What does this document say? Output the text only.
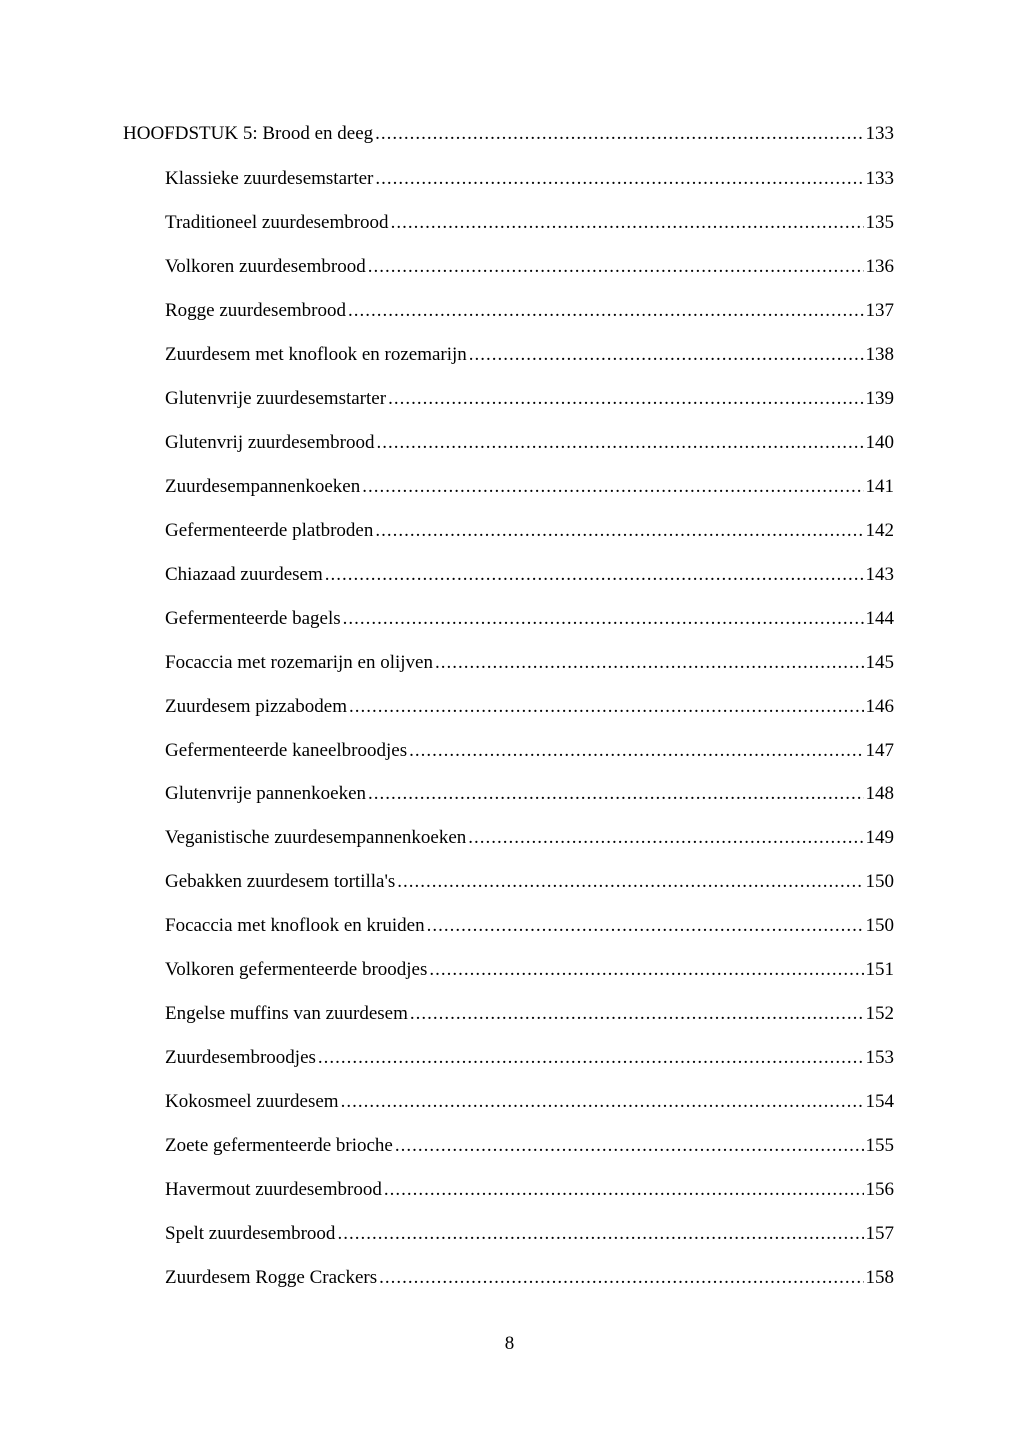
HOOFDSTUK 5: Brood en deeg .....	133
Klassieke zuurdesemstarter .....	133
Traditioneel zuurdesembrood .....	135
Volkoren zuurdesembrood .....	136
Rogge zuurdesembrood .....	137
Zuurdesem met knoflook en rozemarijn .....	138
Glutenvrije zuurdesemstarter .....	139
Glutenvrij zuurdesembrood .....	140
Zuurdesempannenkoeken .....	141
Gefermenteerde platbroden .....	142
Chiazaad zuurdesem .....	143
Gefermenteerde bagels .....	144
Focaccia met rozemarijn en olijven .....	145
Zuurdesem pizzabodem .....	146
Gefermenteerde kaneelbroodjes .....	147
Glutenvrije pannenkoeken .....	148
Veganistische zuurdesempannenkoeken .....	149
Gebakken zuurdesem tortilla's .....	150
Focaccia met knoflook en kruiden .....	150
Volkoren gefermenteerde broodjes .....	151
Engelse muffins van zuurdesem .....	152
Zuurdesembroodjes .....	153
Kokosmeel zuurdesem .....	154
Zoete gefermenteerde brioche .....	155
Havermout zuurdesembrood .....	156
Spelt zuurdesembrood .....	157
Zuurdesem Rogge Crackers .....	158
8
